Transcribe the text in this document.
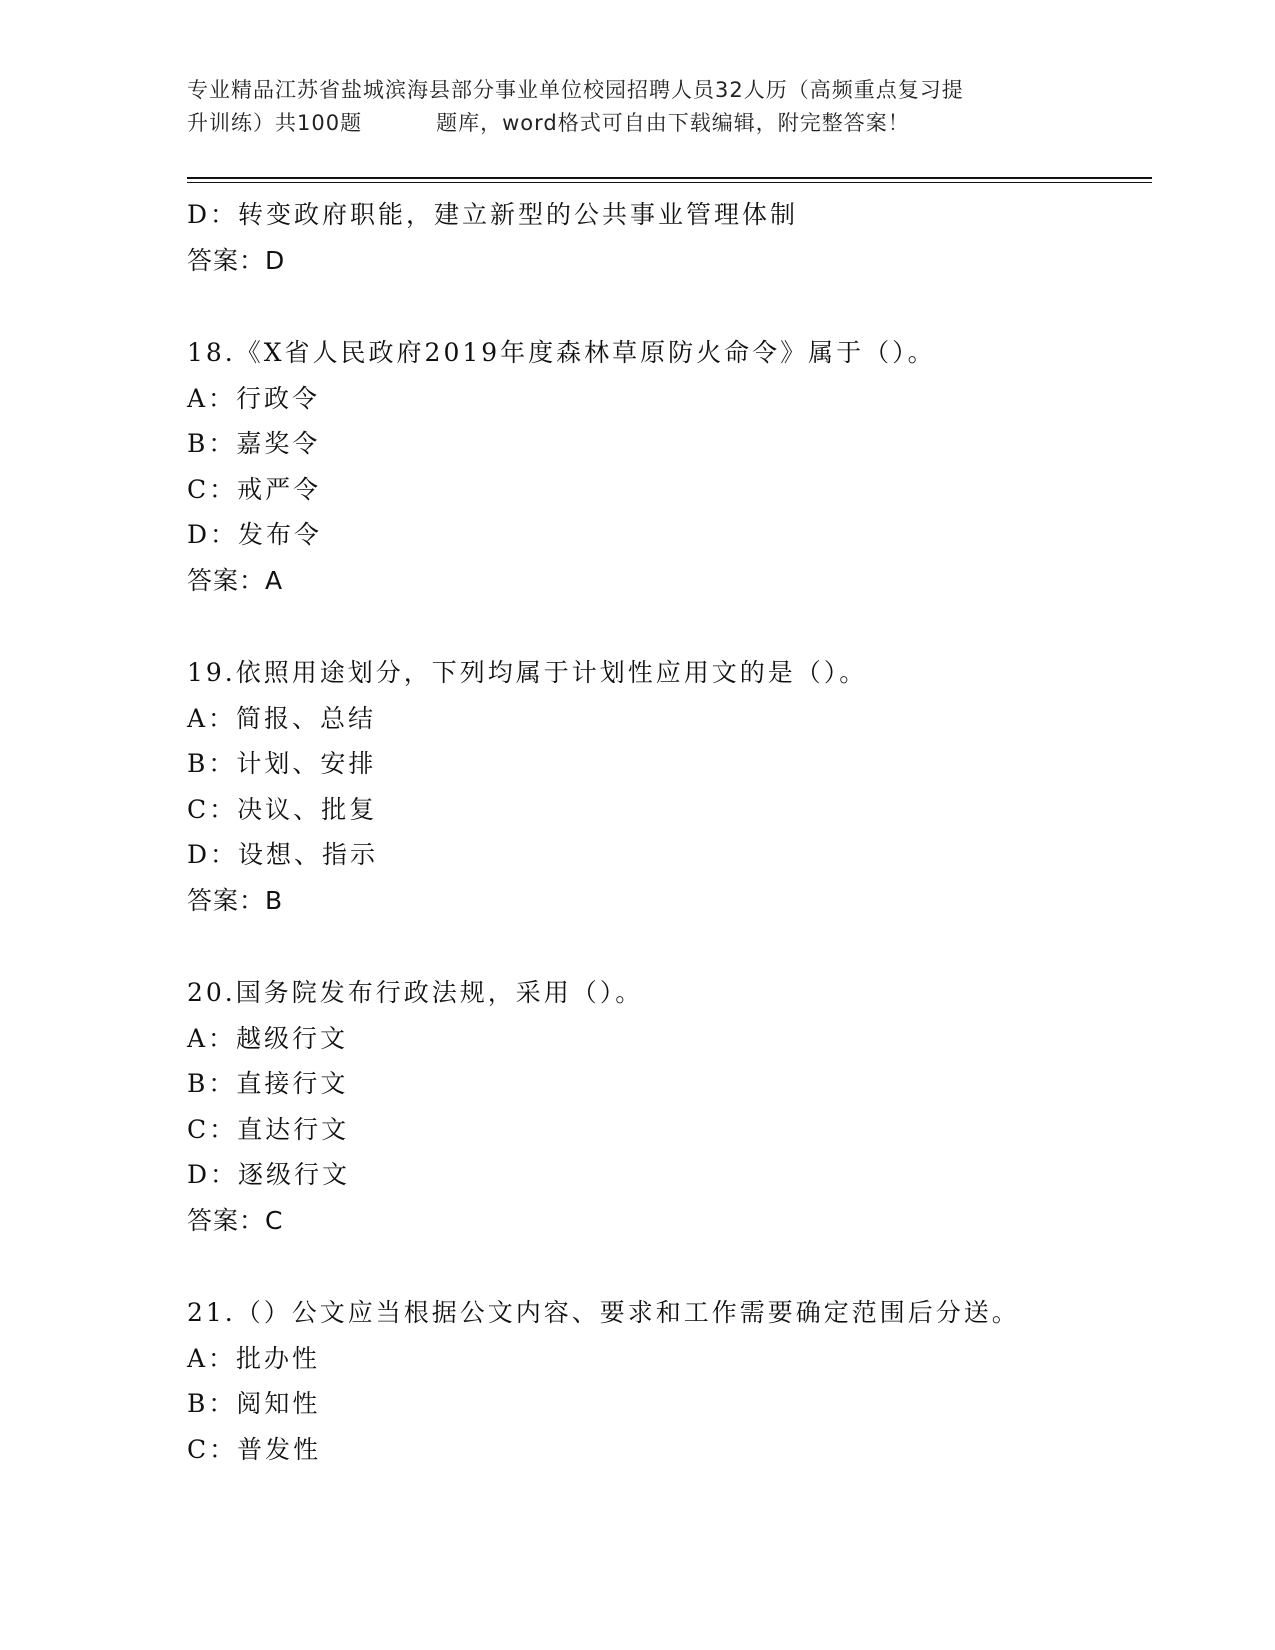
专业精品江苏省盐城滨海县部分事业单位校园招聘人员32人历（高频重点复习提
升训练）共100题	题库，word格式可自由下载编辑，附完整答案！
D：转变政府职能，建立新型的公共事业管理体制
答案：D
18.《X省人民政府2019年度森林草原防火命令》属于（）。
A：行政令
B：嘉奖令
C：戒严令
D：发布令
答案：A
19.依照用途划分，下列均属于计划性应用文的是（）。
A：简报、总结
B：计划、安排
C：决议、批复
D：设想、指示
答案：B
20.国务院发布行政法规，采用（）。
A：越级行文
B：直接行文
C：直达行文
D：逐级行文
答案：C
21.（）公文应当根据公文内容、要求和工作需要确定范围后分送。
A：批办性
B：阅知性
C：普发性
